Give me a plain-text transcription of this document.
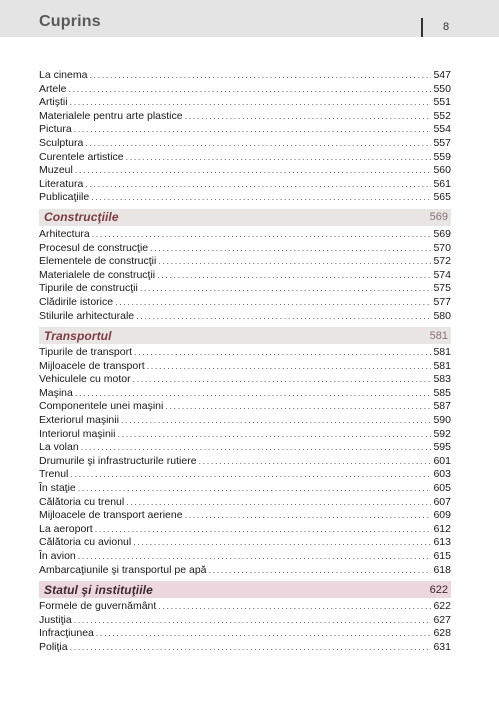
Cuprins	8
La cinema .....	547
Artele .....	550
Artiştii .....	551
Materialele pentru arte plastice .....	552
Pictura .....	554
Sculptura .....	557
Curentele artistice .....	559
Muzeul .....	560
Literatura .....	561
Publicaţiile .....	565
Construcţiile	569
Arhitectura .....	569
Procesul de construcţie .....	570
Elementele de construcţii .....	572
Materialele de construcţii .....	574
Tipurile de construcţii .....	575
Clădirile istorice .....	577
Stilurile arhitecturale .....	580
Transportul	581
Tipurile de transport .....	581
Mijloacele de transport .....	581
Vehiculele cu motor .....	583
Maşina .....	585
Componentele unei maşini .....	587
Exteriorul maşinii .....	590
Interiorul maşinii .....	592
La volan .....	595
Drumurile şi infrastructurile rutiere .....	601
Trenul .....	603
În staţie .....	605
Călătoria cu trenul .....	607
Mijloacele de transport aeriene .....	609
La aeroport .....	612
Călătoria cu avionul .....	613
În avion .....	615
Ambarcaţiunile şi transportul pe apă .....	618
Statul şi instituţiile	622
Formele de guvernământ .....	622
Justiţia .....	627
Infracţiunea .....	628
Poliţia .....	631
